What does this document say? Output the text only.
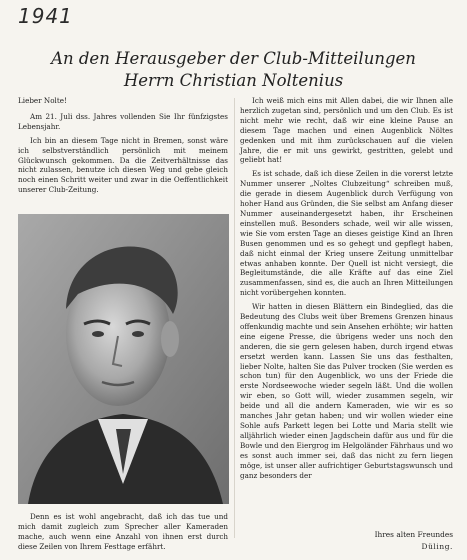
1941
An den Herausgeber der Club-Mitteilungen
Herrn Christian Noltenius

Lieber Nolte!

Am 21. Juli dss. Jahres vollenden Sie Ihr fünfzigstes Lebensjahr.

Ich bin an diesem Tage nicht in Bremen, sonst wäre ich selbstverständlich persönlich mit meinem Glückwunsch gekommen. Da die Zeitverhältnisse das nicht zulassen, benutze ich diesen Weg und gebe gleich noch einen Schritt weiter und zwar in die Oeffentlichkeit unserer Club-Zeitung.

Denn es ist wohl angebracht, daß ich das tue und mich damit zugleich zum Sprecher aller Kameraden mache, auch wenn eine Anzahl von ihnen erst durch diese Zeilen von Ihrem Festtage erfährt.

Ich weiß mich eins mit Allen dabei, die wir Ihnen alle herzlich zugetan sind, persönlich und um den Club. Es ist nicht mehr wie recht, daß wir eine kleine Pause an diesem Tage machen und einen Augenblick Nöltes gedenken und mit ihm zurückschauen auf die vielen Jahre, die er mit uns gewirkt, gestritten, gelebt und geliebt hat!

Es ist schade, daß ich diese Zeilen in die vorerst letzte Nummer unserer „Noltes Clubzeitung“ schreiben muß, die gerade in diesem Augenblick durch Verfügung von hoher Hand aus Gründen, die Sie selbst am Anfang dieser Nummer auseinandergesetzt haben, ihr Erscheinen einstellen muß. Besonders schade, weil wir alle wissen, wie Sie vom ersten Tage an dieses geistige Kind an Ihren Busen genommen und es so gehegt und gepflegt haben, daß nicht einmal der Krieg unsere Zeitung unmittelbar etwas anhaben konnte. Der Quell ist nicht versiegt, die Begleitumstände, die alle Kräfte auf das eine Ziel zusammenfassen, sind es, die auch an Ihren Mitteilungen nicht vorübergehen konnten.

Wir hatten in diesen Blättern ein Bindeglied, das die Bedeutung des Clubs weit über Bremens Grenzen hinaus offenkundig machte und sein Ansehen erhöhte; wir hatten eine eigene Presse, die übrigens weder uns noch den anderen, die sie gern gelesen haben, durch irgend etwas ersetzt werden kann. Lassen Sie uns das festhalten, lieber Nolte, halten Sie das Pulver trocken (Sie werden es schon tun) für den Augenblick, wo uns der Friede die erste Nordseewoche wieder segeln läßt. Und die wollen wir eben, so Gott will, wieder zusammen segeln, wir beide und all die andern Kameraden, wie wir es so manches Jahr getan haben; und wir wollen wieder eine Sohle aufs Parkett legen bei Lotte und Maria stellt wie alljährlich wieder einen Jagdschein dafür aus und für die Bowle und den Eiergrog im Helgoländer Fährhaus und wo es sonst auch immer sei, daß das nicht zu fern liegen möge, ist unser aller aufrichtiger Geburtstagswunsch und ganz besonders der

Ihres alten Freundes
Düling.
